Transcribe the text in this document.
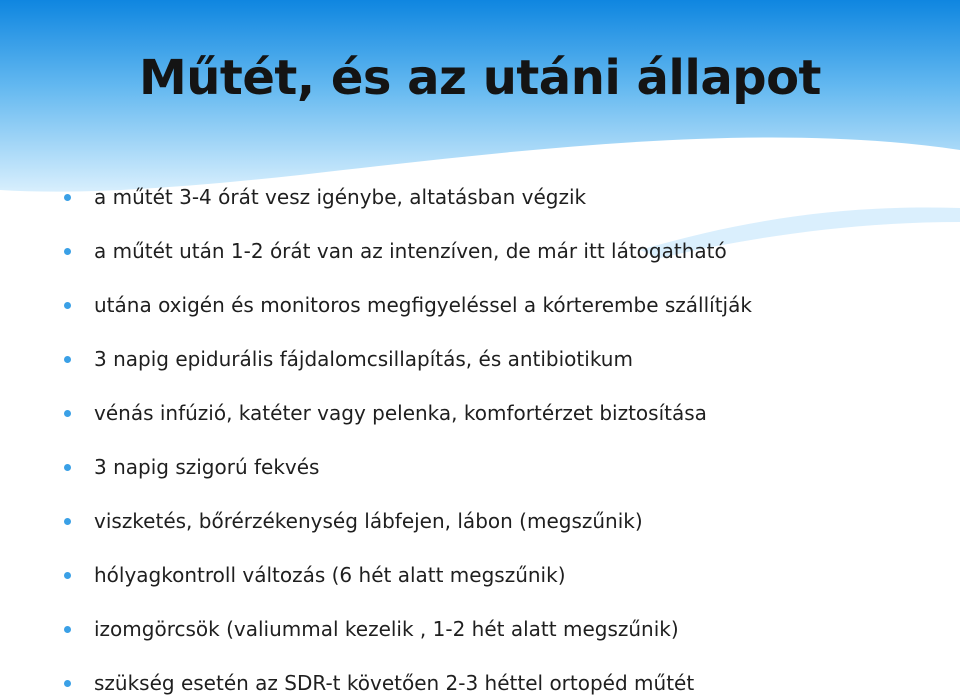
Műtét, és az utáni állapot
a műtét 3-4 órát vesz igénybe, altatásban végzik
a műtét után 1-2 órát van az intenzíven, de már itt látogatható
utána oxigén és monitoros megfigyeléssel a kórterembe szállítják
3 napig epidurális fájdalomcsillapítás, és antibiotikum
vénás infúzió, katéter vagy pelenka, komfortérzet biztosítása
3 napig szigorú fekvés
viszketés, bőrérzékenység lábfejen, lábon (megszűnik)
hólyagkontroll változás (6 hét alatt megszűnik)
izomgörcsök (valiummal kezelik , 1-2 hét alatt megszűnik)
szükség esetén az SDR-t követően 2-3 héttel ortopéd műtét
